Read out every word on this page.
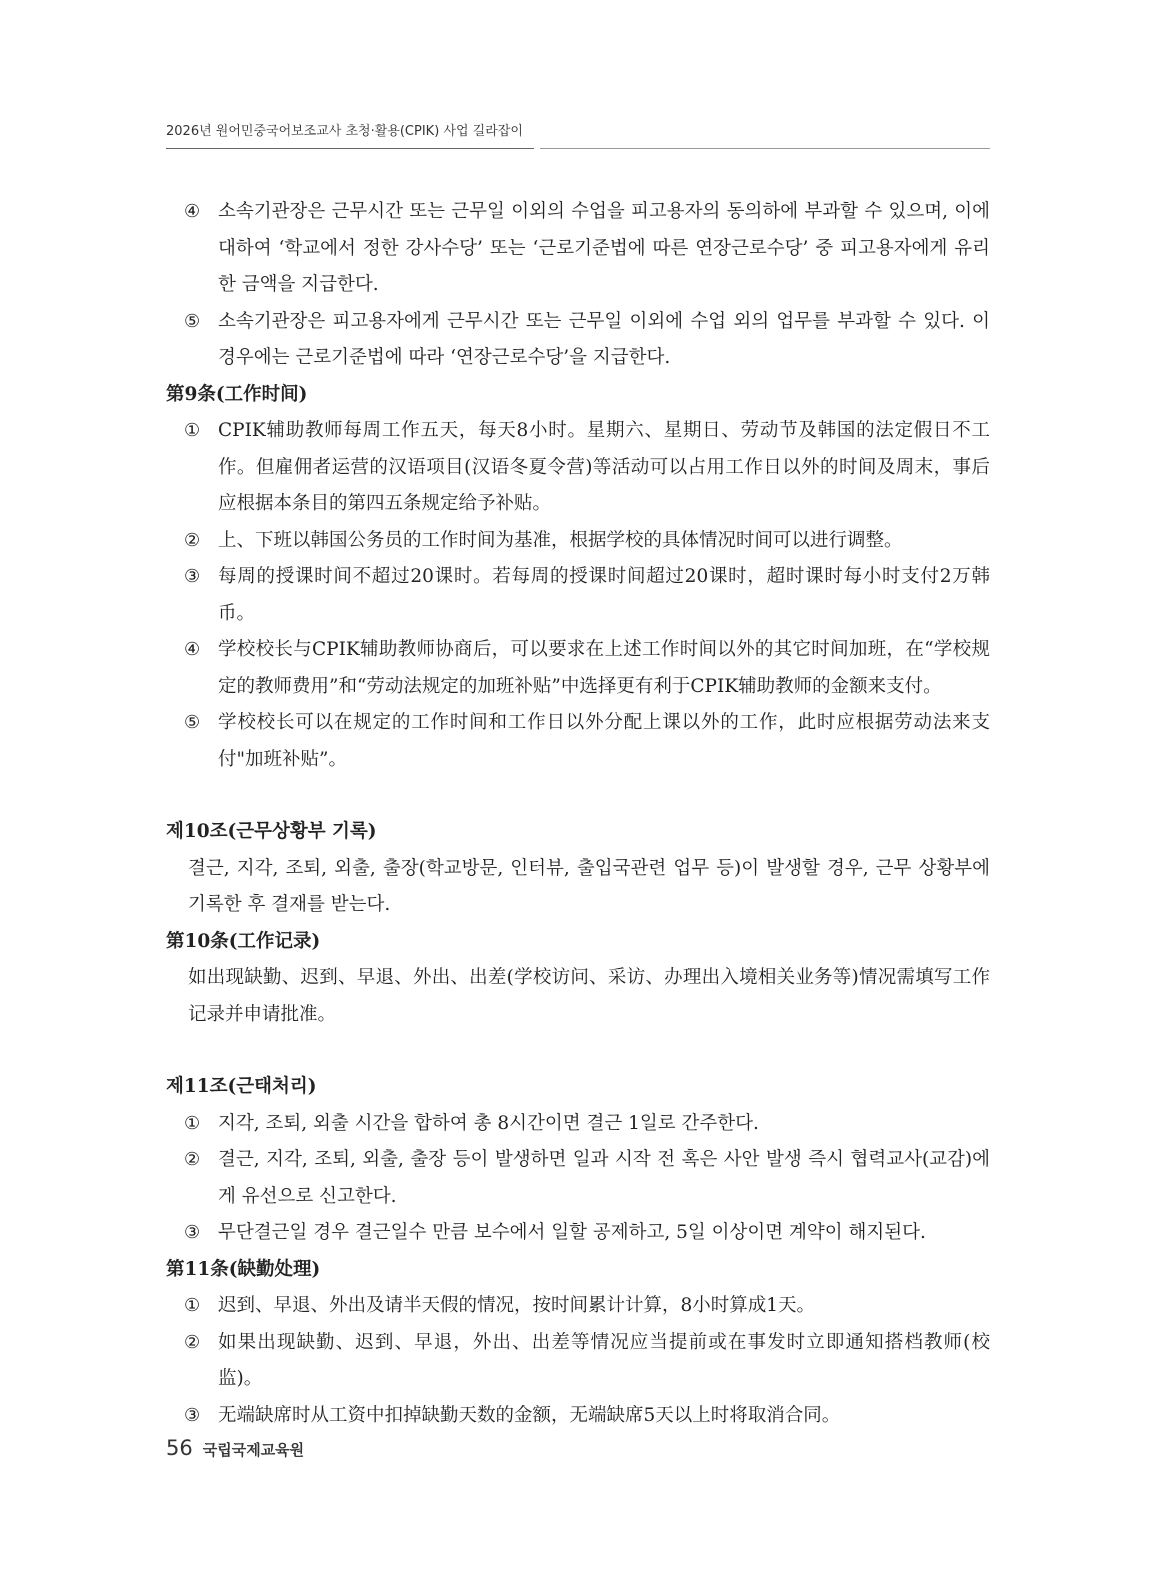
2026년 원어민중국어보조교사 초청·활용(CPIK) 사업 길라잡이
④ 소속기관장은 근무시간 또는 근무일 이외의 수업을 피고용자의 동의하에 부과할 수 있으며, 이에 대하여 ‘학교에서 정한 강사수당’ 또는 ‘근로기준법에 따른 연장근로수당’ 중 피고용자에게 유리한 금액을 지급한다.
⑤ 소속기관장은 피고용자에게 근무시간 또는 근무일 이외에 수업 외의 업무를 부과할 수 있다. 이 경우에는 근로기준법에 따라 ‘연장근로수당’을 지급한다.
第9条(工作时间)
① CPIK辅助教师每周工作五天，每天8小时。星期六、星期日、劳动节及韩国的法定假日不工作。但雇佣者运营的汉语项目(汉语冬夏令营)等活动可以占用工作日以外的时间及周末，事后应根据本条目的第四五条规定给予补贴。
② 上、下班以韩国公务员的工作时间为基准，根据学校的具体情况时间可以进行调整。
③ 每周的授课时间不超过20课时。若每周的授课时间超过20课时，超时课时每小时支付2万韩币。
④ 学校校长与CPIK辅助教师协商后，可以要求在上述工作时间以外的其它时间加班，在“学校规定的教师费用”和“劳动法规定的加班补贴”中选择更有利于CPIK辅助教师的金额来支付。
⑤ 学校校长可以在规定的工作时间和工作日以外分配上课以外的工作，此时应根据劳动法来支付"加班补贴”。
제10조(근무상황부 기록)
결근, 지각, 조퇴, 외출, 출장(학교방문, 인터뷰, 출입국관련 업무 등)이 발생할 경우, 근무 상황부에 기록한 후 결재를 받는다.
第10条(工作记录)
如出现缺勤、迟到、早退、外出、出差(学校访问、采访、办理出入境相关业务等)情况需填写工作记录并申请批准。
제11조(근태처리)
① 지각, 조퇴, 외출 시간을 합하여 총 8시간이면 결근 1일로 간주한다.
② 결근, 지각, 조퇴, 외출, 출장 등이 발생하면 일과 시작 전 혹은 사안 발생 즉시 협력교사(교감)에게 유선으로 신고한다.
③ 무단결근일 경우 결근일수 만큼 보수에서 일할 공제하고, 5일 이상이면 계약이 해지된다.
第11条(缺勤处理)
① 迟到、早退、外出及请半天假的情况，按时间累计计算，8小时算成1天。
② 如果出现缺勤、迟到、早退，外出、出差等情况应当提前或在事发时立即通知搭档教师(校监)。
③ 无端缺席时从工资中扣掉缺勤天数的金额，无端缺席5天以上时将取消合同。
56 국립국제교육원
